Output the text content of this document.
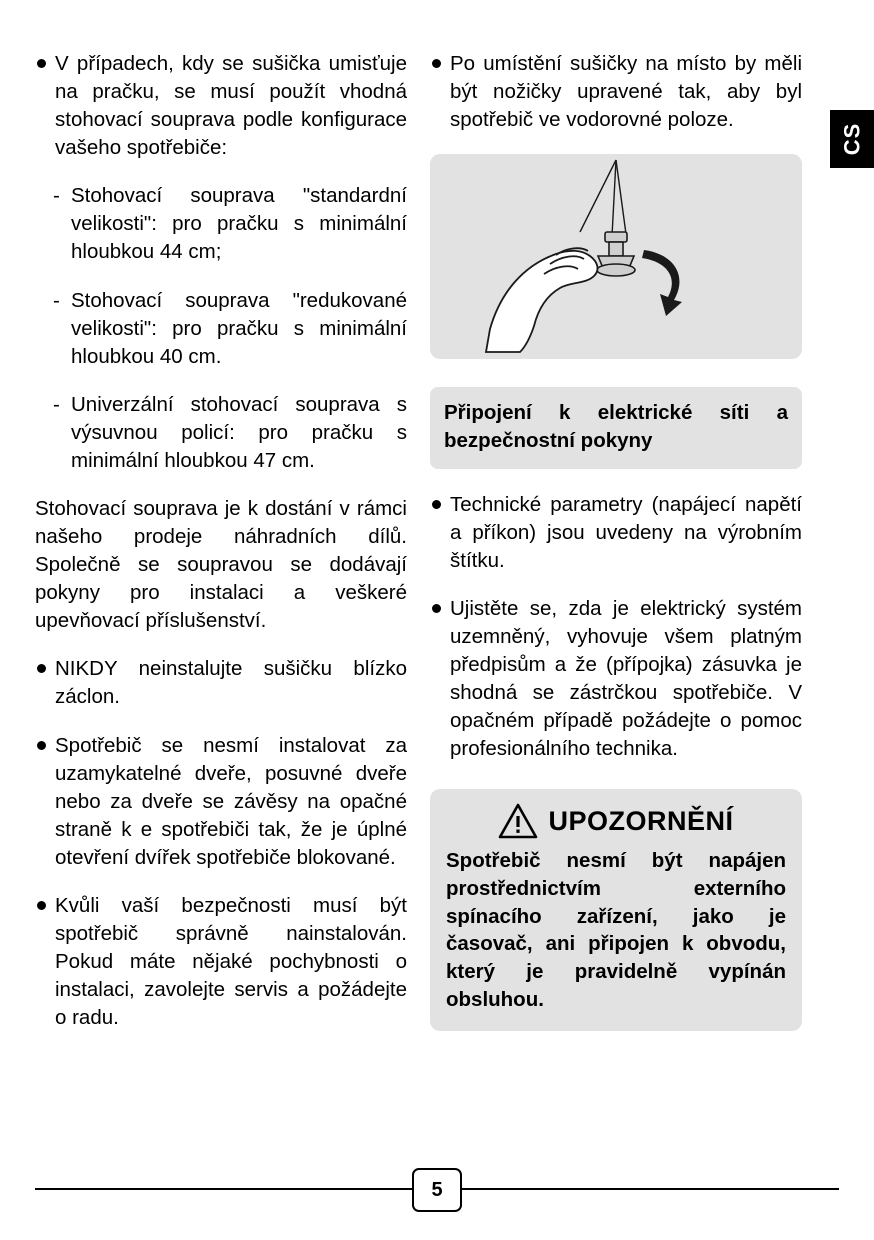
CS

V případech, kdy se sušička umisťuje na pračku, se musí použít vhodná stohovací souprava podle konfigurace vašeho spotřebiče:

- Stohovací souprava "standardní velikosti": pro pračku s minimální hloubkou 44 cm;

- Stohovací souprava "redukované velikosti": pro pračku s minimální hloubkou 40 cm.

- Univerzální stohovací souprava s výsuvnou policí: pro pračku s minimální hloubkou 47 cm.

Stohovací souprava je k dostání v rámci našeho prodeje náhradních dílů. Společně se soupravou se dodávají pokyny pro instalaci a veškeré upevňovací příslušenství.

NIKDY neinstalujte sušičku blízko záclon.

Spotřebič se nesmí instalovat za uzamykatelné dveře, posuvné dveře nebo za dveře se závěsy na opačné straně k e spotřebiči tak, že je úplné otevření dvířek spotřebiče blokované.

Kvůli vaší bezpečnosti musí být spotřebič správně nainstalován. Pokud máte nějaké pochybnosti o instalaci, zavolejte servis a požádejte o radu.

Po umístění sušičky na místo by měli být nožičky upravené tak, aby byl spotřebič ve vodorovné poloze.

Připojení k elektrické síti a bezpečnostní pokyny

Technické parametry (napájecí napětí a příkon) jsou uvedeny na výrobním štítku.

Ujistěte se, zda je elektrický systém uzemněný, vyhovuje všem platným předpisům a že (přípojka) zásuvka je shodná se zástrčkou spotřebiče. V opačném případě požádejte o pomoc profesionálního technika.

UPOZORNĚNÍ

Spotřebič nesmí být napájen prostřednictvím externího spínacího zařízení, jako je časovač, ani připojen k obvodu, který je pravidelně vypínán obsluhou.

5
